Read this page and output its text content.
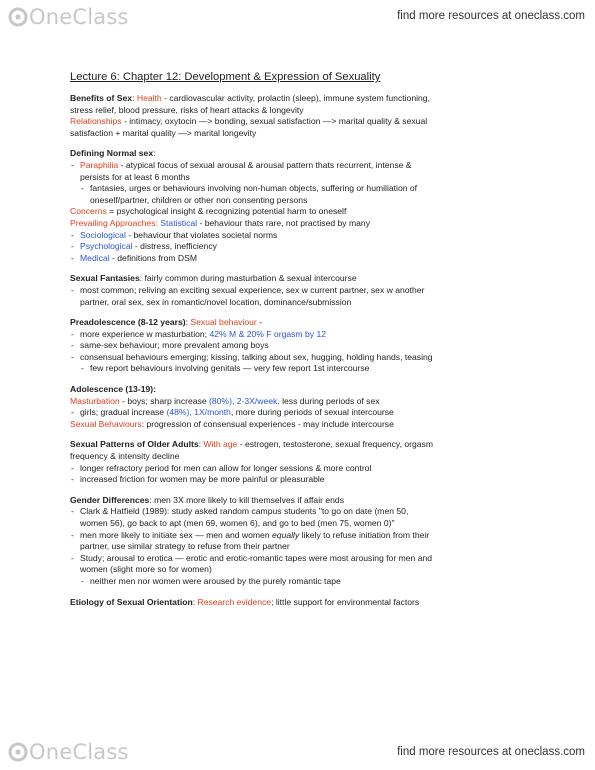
OneClass	find more resources at oneclass.com
Lecture 6: Chapter 12: Development & Expression of Sexuality
Benefits of Sex: Health - cardiovascular activity, prolactin (sleep), immune system functioning,
stress relief, blood pressure, risks of heart attacks & longevity
Relationships - intimacy, oxytocin —> bonding, sexual satisfaction —> marital quality & sexual
satisfaction + marital quality —> marital longevity
Defining Normal sex:
- Paraphilia - atypical focus of sexual arousal & arousal pattern thats recurrent, intense &
persists for at least 6 months
- fantasies, urges or behaviours involving non-human objects, suffering or humiliation of
oneself/partner, children or other non consenting persons
Concerns = psychological insight & recognizing potential harm to oneself
Prevailing Approaches: Statistical - behaviour thats rare, not practised by many
- Sociological - behaviour that violates societal norms
- Psychological - distress, inefficiency
- Medical - definitions from DSM
Sexual Fantasies: fairly common during masturbation & sexual intercourse
- most common; reliving an exciting sexual experience, sex w current partner, sex w another
partner, oral sex, sex in romantic/novel location, dominance/submission
Preadolescence (8-12 years): Sexual behaviour -
- more experience w masturbation; 42% M & 20% F orgasm by 12
- same-sex behaviour; more prevalent among boys
- consensual behaviours emerging; kissing, talking about sex, hugging, holding hands, teasing
- few report behaviours involving genitals — very few report 1st intercourse
Adolescence (13-19):
Masturbation - boys; sharp increase (80%), 2-3X/week. less during periods of sex
- girls; gradual increase (48%), 1X/month, more during periods of sexual intercourse
Sexual Behaviours: progression of consensual experiences - may include intercourse
Sexual Patterns of Older Adults: With age - estrogen, testosterone, sexual frequency, orgasm
frequency & intensity decline
- longer refractory period for men can allow for longer sessions & more control
- increased friction for women may be more painful or pleasurable
Gender Differences: men 3X more likely to kill themselves if affair ends
- Clark & Hatfield (1989): study asked random campus students "to go on date (men 50,
women 56), go back to apt (men 69, women 6), and go to bed (men 75, women 0)"
- men more likely to initiate sex — men and women equally likely to refuse initiation from their
partner, use similar strategy to refuse from their partner
- Study; arousal to erotica — erotic and erotic-romantic tapes were most arousing for men and
women (slight more so for women)
- neither men nor women were aroused by the purely romantic tape
Etiology of Sexual Orientation: Research evidence; little support for environmental factors
OneClass	find more resources at oneclass.com
